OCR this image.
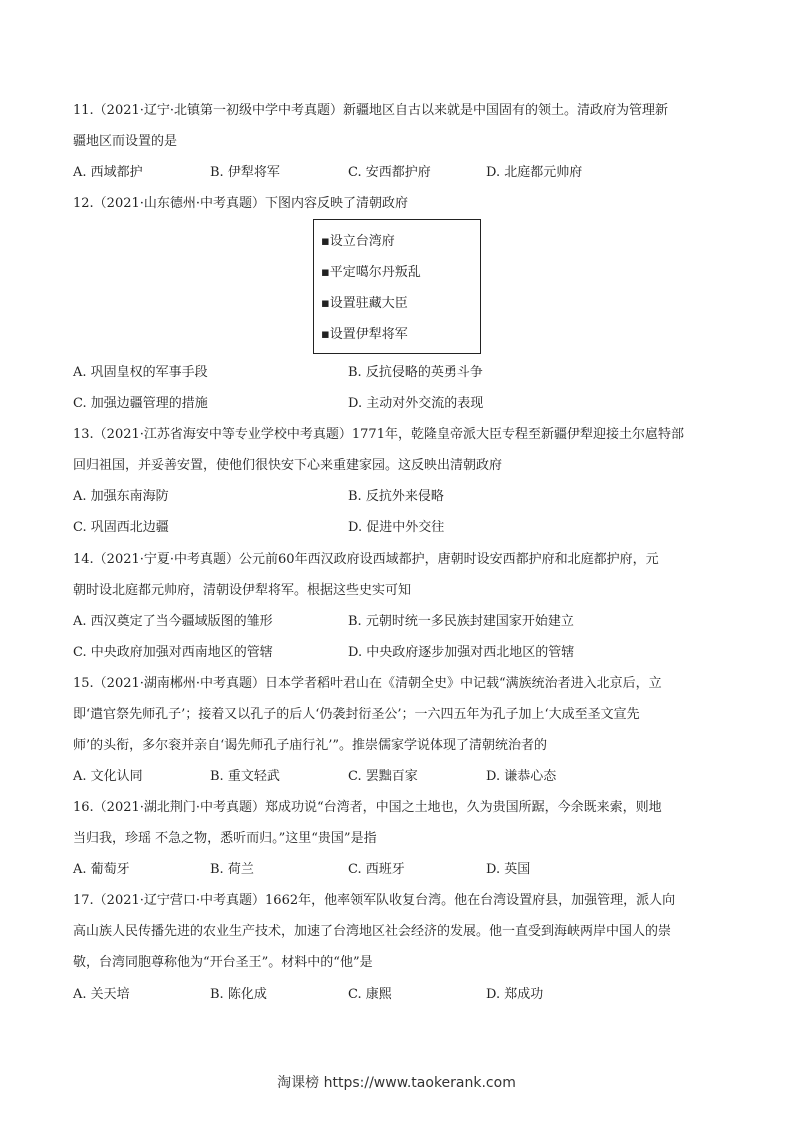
11.（2021·辽宁·北镇第一初级中学中考真题）新疆地区自古以来就是中国固有的领土。清政府为管理新
疆地区而设置的是
A. 西域都护	B. 伊犁将军	C. 安西都护府	D. 北庭都元帅府
12.（2021·山东德州·中考真题）下图内容反映了清朝政府
▪设立台湾府
▪平定噶尔丹叛乱
▪设置驻藏大臣
▪设置伊犁将军
A. 巩固皇权的军事手段	B. 反抗侵略的英勇斗争
C. 加强边疆管理的措施	D. 主动对外交流的表现
13.（2021·江苏省海安中等专业学校中考真题）1771年，乾隆皇帝派大臣专程至新疆伊犁迎接土尔扈特部
回归祖国，并妥善安置，使他们很快安下心来重建家园。这反映出清朝政府
A. 加强东南海防	B. 反抗外来侵略
C. 巩固西北边疆	D. 促进中外交往
14.（2021·宁夏·中考真题）公元前60年西汉政府设西域都护，唐朝时设安西都护府和北庭都护府，元
朝时设北庭都元帅府，清朝设伊犁将军。根据这些史实可知
A. 西汉奠定了当今疆域版图的雏形	B. 元朝时统一多民族封建国家开始建立
C. 中央政府加强对西南地区的管辖	D. 中央政府逐步加强对西北地区的管辖
15.（2021·湖南郴州·中考真题）日本学者稻叶君山在《清朝全史》中记载“满族统治者进入北京后，立
即‘遣官祭先师孔子’；接着又以孔子的后人‘仍袭封衍圣公’；一六四五年为孔子加上‘大成至圣文宣先
师’的头衔，多尔衮并亲自‘谒先师孔子庙行礼’”。推崇儒家学说体现了清朝统治者的
A. 文化认同	B. 重文轻武	C. 罢黜百家	D. 谦恭心态
16.（2021·湖北荆门·中考真题）郑成功说“台湾者，中国之土地也，久为贵国所踞，今余既来索，则地
当归我，珍瑶 不急之物，悉听而归。”这里“贵国”是指
A. 葡萄牙	B. 荷兰	C. 西班牙	D. 英国
17.（2021·辽宁营口·中考真题）1662年，他率领军队收复台湾。他在台湾设置府县，加强管理，派人向
高山族人民传播先进的农业生产技术，加速了台湾地区社会经济的发展。他一直受到海峡两岸中国人的崇
敬，台湾同胞尊称他为“开台圣王”。材料中的“他”是
A. 关天培	B. 陈化成	C. 康熙	D. 郑成功
淘课榜 https://www.taokerank.com
